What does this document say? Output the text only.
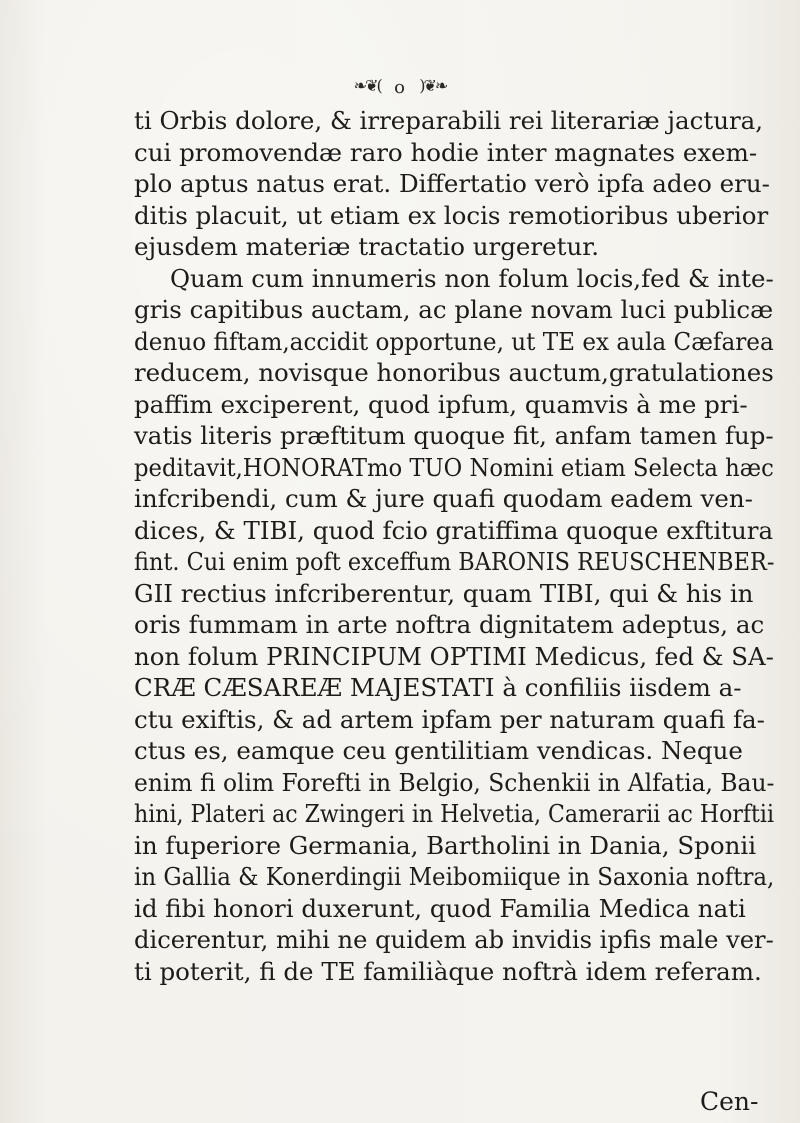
❧❦( o )❦❧
ti Orbis dolore, & irreparabili rei literariæ jactura,
cui promovendæ raro hodie inter magnates exem-
plo aptus natus erat. Differtatio verò ipfa adeo eru-
ditis placuit, ut etiam ex locis remotioribus uberior
ejusdem materiæ tractatio urgeretur.
Quam cum innumeris non folum locis,fed & inte-
gris capitibus auctam, ac plane novam luci publicæ
denuo fiftam,accidit opportune, ut TE ex aula Cæfarea
reducem, novisque honoribus auctum,gratulationes
paffim exciperent, quod ipfum, quamvis à me pri-
vatis literis præftitum quoque fit, anfam tamen fup-
peditavit,HONORATmo TUO Nomini etiam Selecta hæc
infcribendi, cum & jure quafi quodam eadem ven-
dices, & TIBI, quod fcio gratiffima quoque exftitura
fint. Cui enim poft exceffum BARONIS REUSCHENBER-
GII rectius infcriberentur, quam TIBI, qui & his in
oris fummam in arte noftra dignitatem adeptus, ac
non folum PRINCIPUM OPTIMI Medicus, fed & SA-
CRÆ CÆSAREÆ MAJESTATI à confiliis iisdem a-
ctu exiftis, & ad artem ipfam per naturam quafi fa-
ctus es, eamque ceu gentilitiam vendicas. Neque
enim fi olim Forefti in Belgio, Schenkii in Alfatia, Bau-
hini, Plateri ac Zwingeri in Helvetia, Camerarii ac Horftii
in fuperiore Germania, Bartholini in Dania, Sponii
in Gallia & Konerdingii Meibomiique in Saxonia noftra,
id fibi honori duxerunt, quod Familia Medica nati
dicerentur, mihi ne quidem ab invidis ipfis male ver-
ti poterit, fi de TE familiàque noftrà idem referam.
Cen-
